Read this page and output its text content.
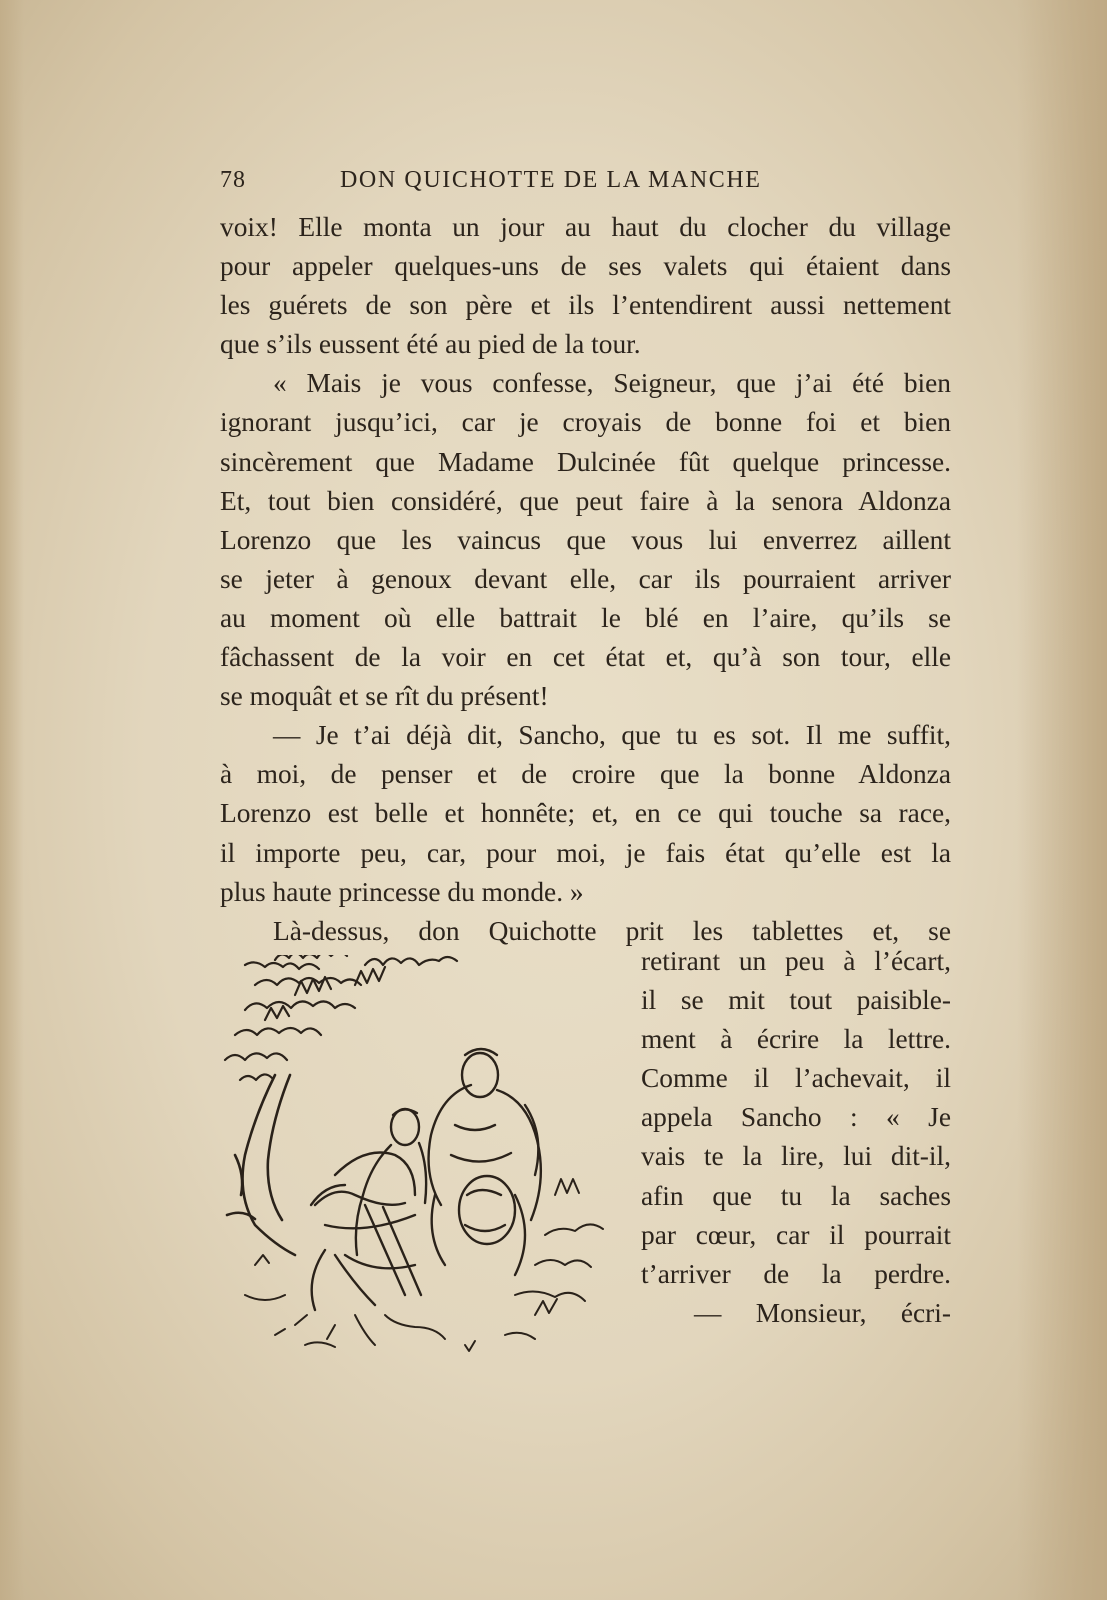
78	DON QUICHOTTE DE LA MANCHE

voix! Elle monta un jour au haut du clocher du village

pour appeler quelques-uns de ses valets qui étaient dans

les guérets de son père et ils l’entendirent aussi nettement

que s’ils eussent été au pied de la tour.

« Mais je vous confesse, Seigneur, que j’ai été bien

ignorant jusqu’ici, car je croyais de bonne foi et bien

sincèrement que Madame Dulcinée fût quelque princesse.

Et, tout bien considéré, que peut faire à la senora Aldonza

Lorenzo que les vaincus que vous lui enverrez aillent

se jeter à genoux devant elle, car ils pourraient arriver

au moment où elle battrait le blé en l’aire, qu’ils se

fâchassent de la voir en cet état et, qu’à son tour, elle

se moquât et se rît du présent!

— Je t’ai déjà dit, Sancho, que tu es sot. Il me suffit,

à moi, de penser et de croire que la bonne Aldonza

Lorenzo est belle et honnête; et, en ce qui touche sa race,

il importe peu, car, pour moi, je fais état qu’elle est la

plus haute princesse du monde. »

Là-dessus, don Quichotte prit les tablettes et, se

retirant un peu à l’écart,

il se mit tout paisible-

ment à écrire la lettre.

Comme il l’achevait, il

appela Sancho : « Je

vais te la lire, lui dit-il,

afin que tu la saches

par cœur, car il pourrait

t’arriver de la perdre.

— Monsieur, écri-
